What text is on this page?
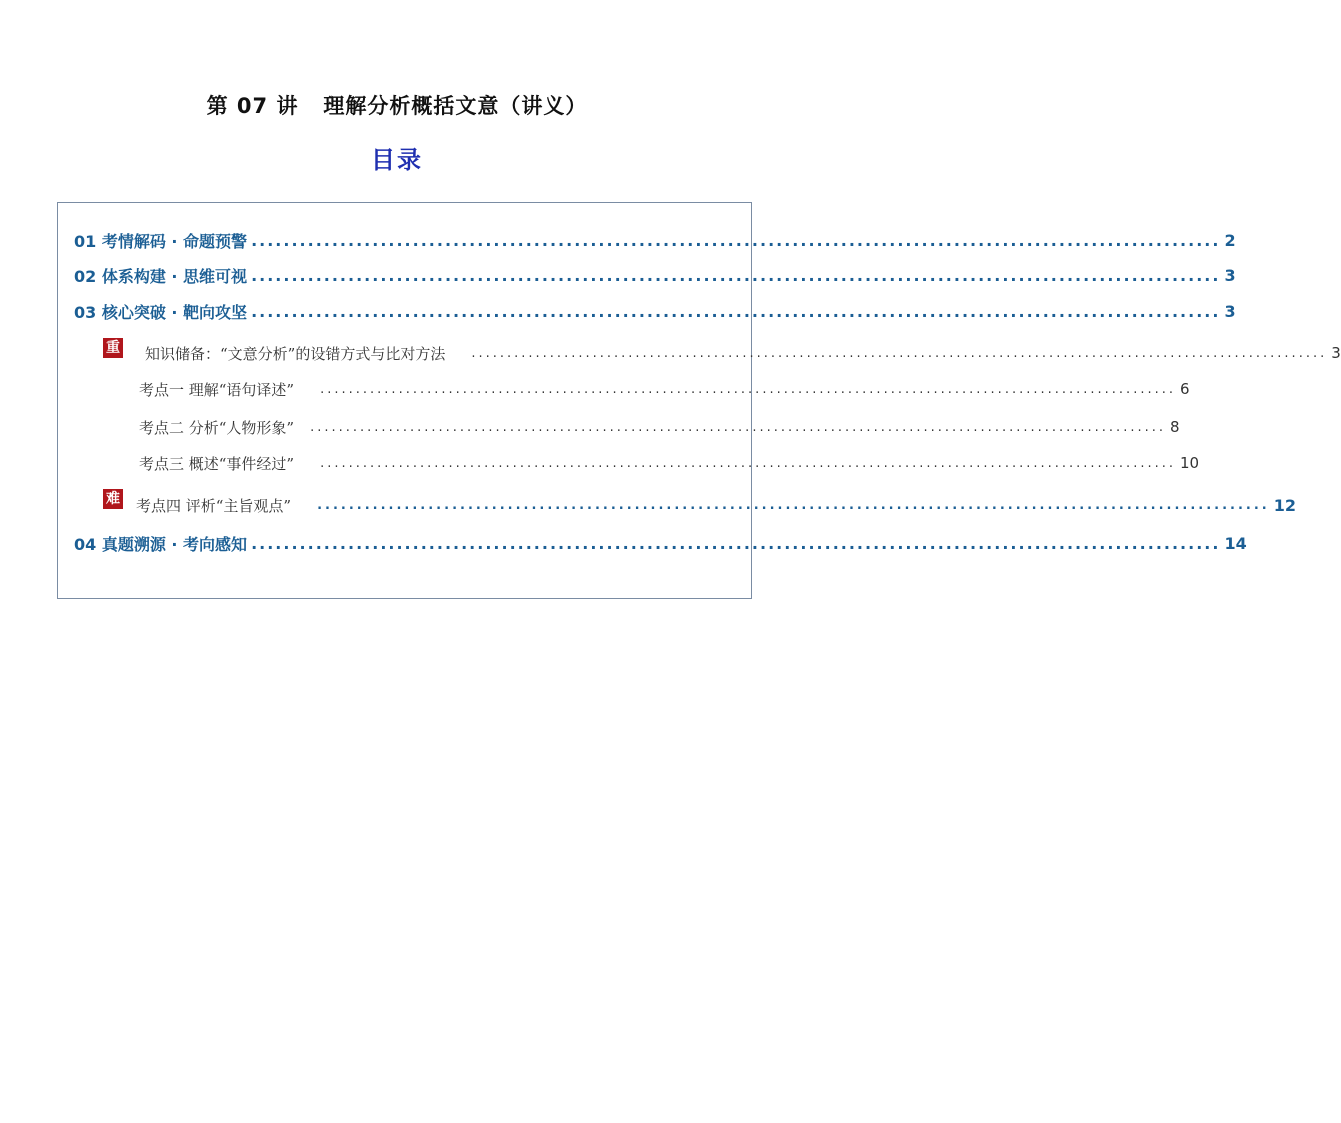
第 07 讲   理解分析概括文意（讲义）
目录
01 考情解码 · 命题预警 ........................................................................................................................ 2
02 体系构建 · 思维可视 ........................................................................................................................ 3
03 核心突破 · 靶向攻坚 ........................................................................................................................ 3
重 知识储备：“文意分析”的设错方式与比对方法 ........................................................................................................................ 3
考点一 理解“语句译述” ........................................................................................................................ 6
考点二 分析“人物形象” ........................................................................................................................ 8
考点三 概述“事件经过” ........................................................................................................................ 10
难 考点四 评析“主旨观点” ........................................................................................................................ 12
04 真题溯源 · 考向感知 ........................................................................................................................ 14
